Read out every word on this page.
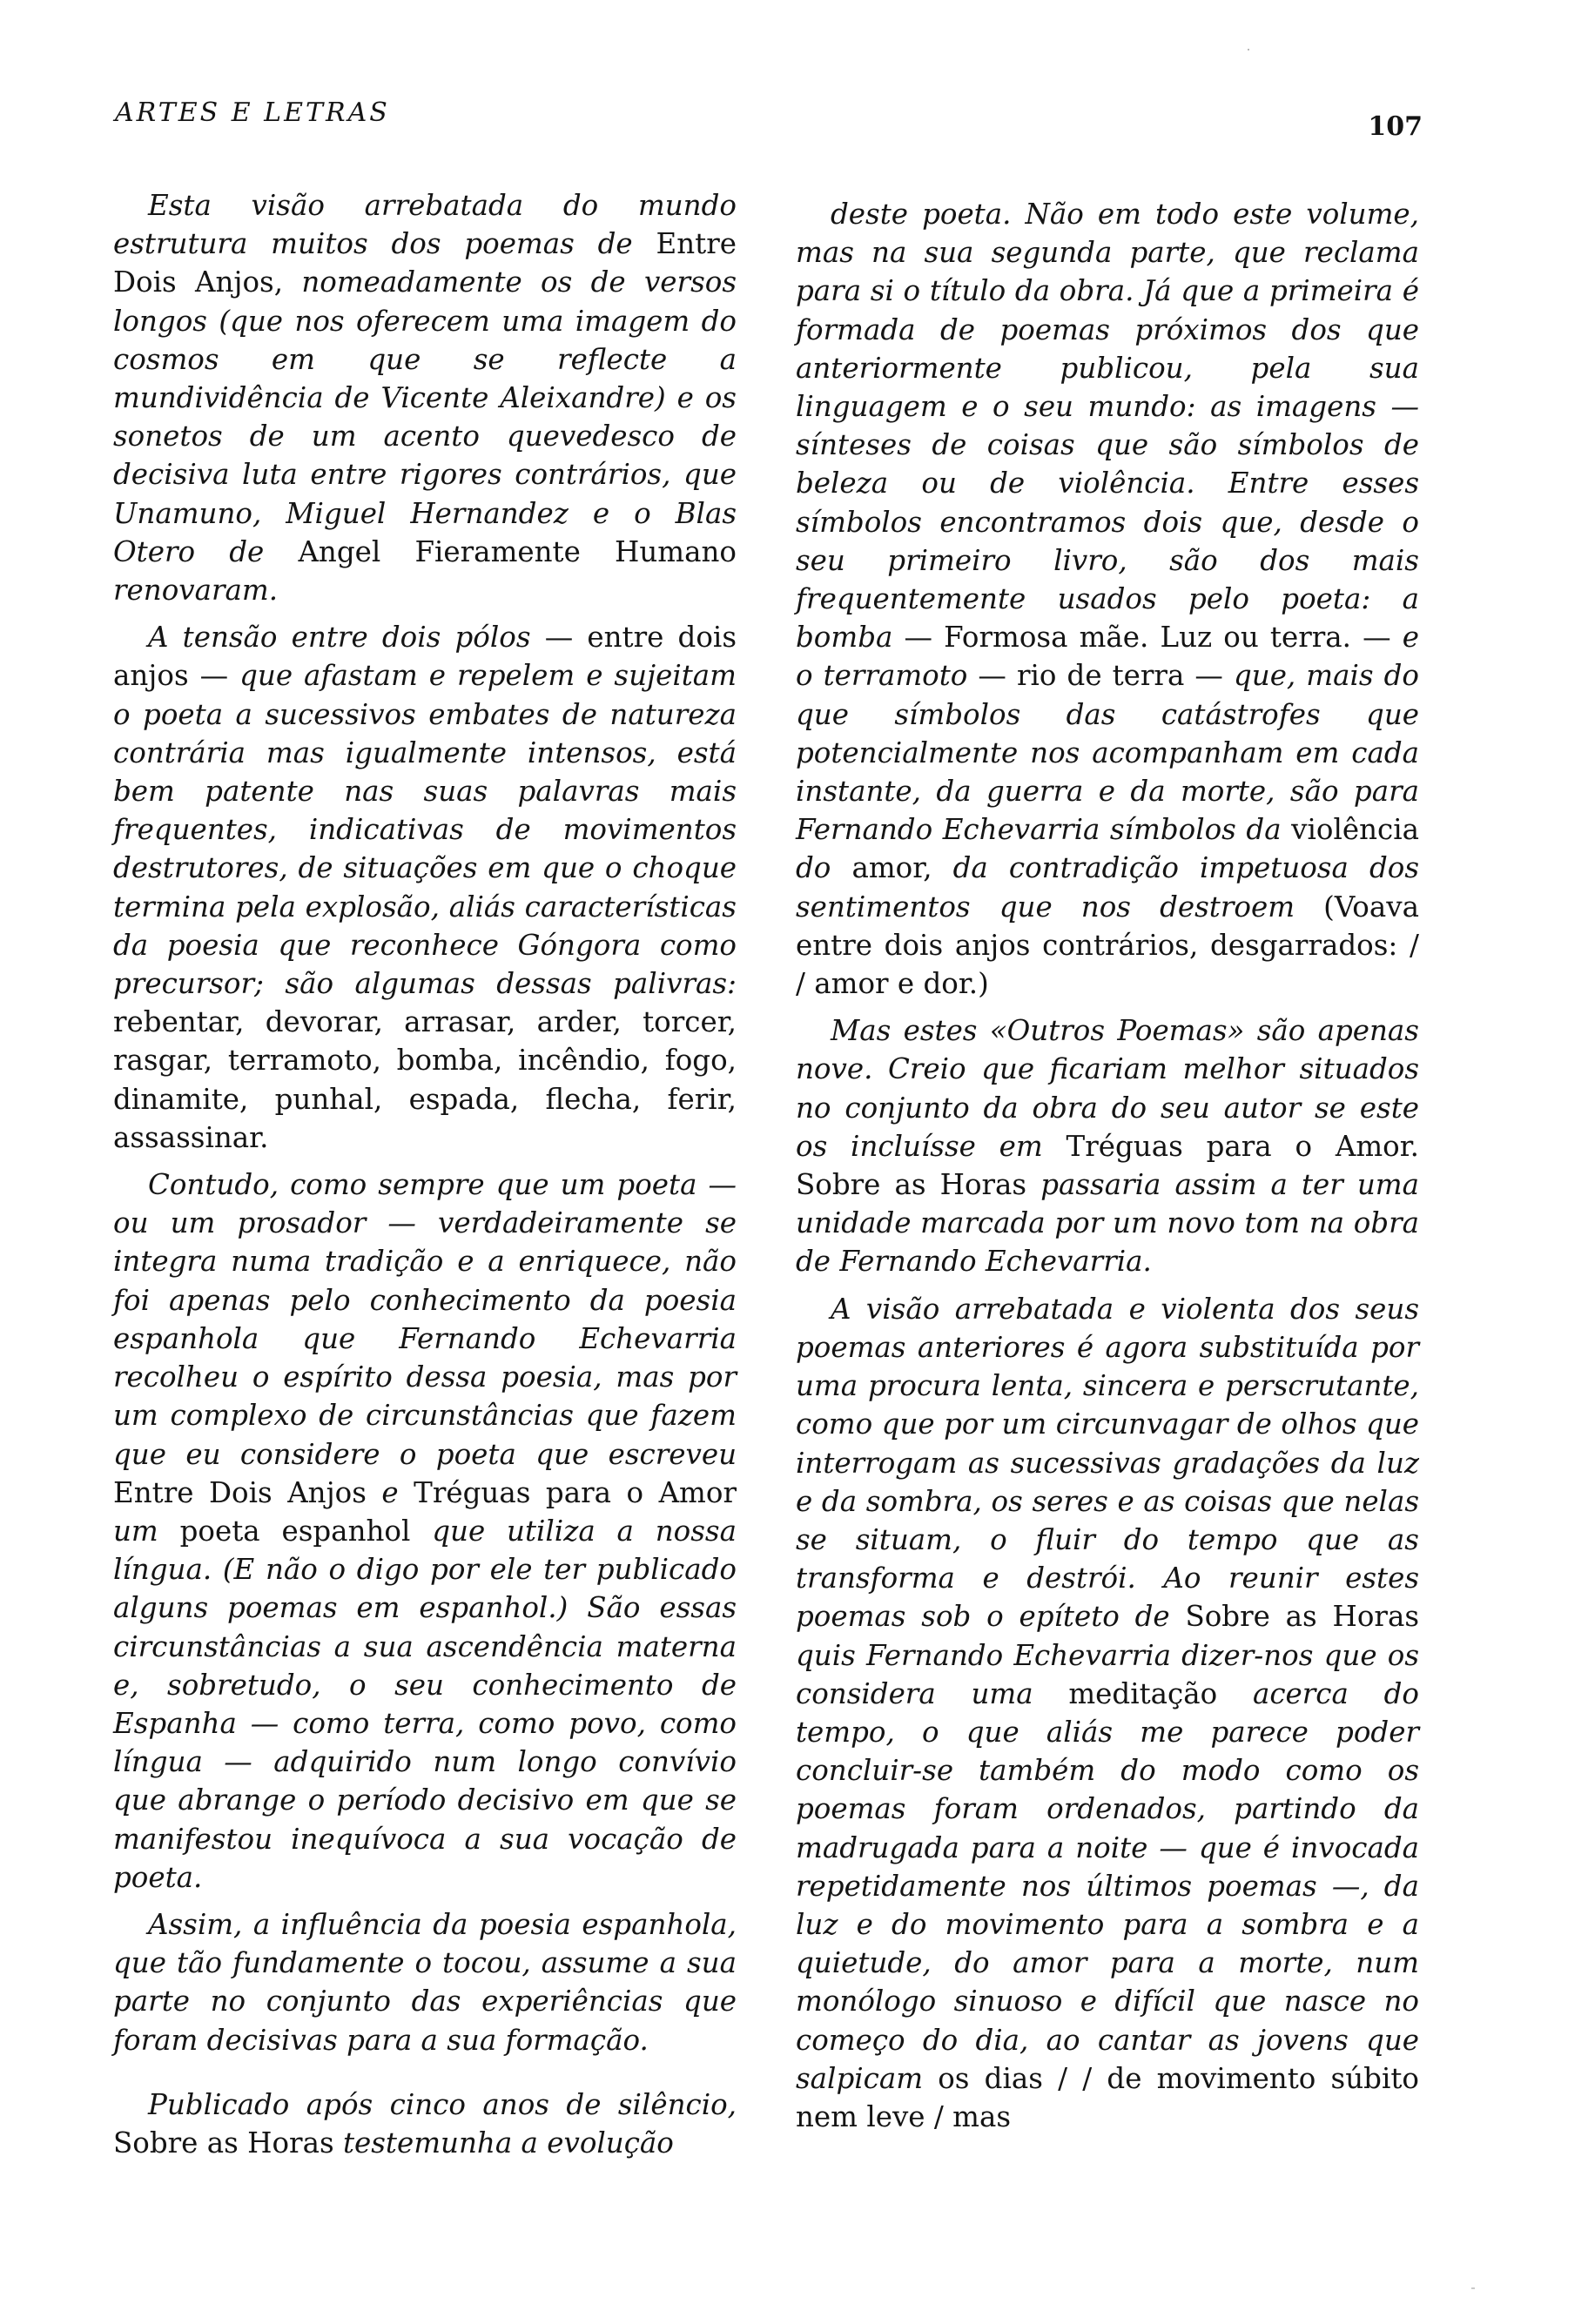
ARTES E LETRAS	107

Esta visão arrebatada do mundo estrutura muitos dos poemas de Entre Dois Anjos, nomeadamente os de versos longos (que nos oferecem uma imagem do cosmos em que se reflecte a mundividência de Vicente Aleixandre) e os sonetos de um acento quevedesco de decisiva luta entre rigores contrários, que Unamuno, Miguel Hernandez e o Blas Otero de Angel Fieramente Humano renovaram.

A tensão entre dois pólos — entre dois anjos — que afastam e repelem e sujeitam o poeta a sucessivos embates de natureza contrária mas igualmente intensos, está bem patente nas suas palavras mais frequentes, indicativas de movimentos destrutores, de situações em que o choque termina pela explosão, aliás características da poesia que reconhece Góngora como precursor; são algumas dessas palivras: rebentar, devorar, arrasar, arder, torcer, rasgar, terramoto, bomba, incêndio, fogo, dinamite, punhal, espada, flecha, ferir, assassinar.

Contudo, como sempre que um poeta — ou um prosador — verdadeiramente se integra numa tradição e a enriquece, não foi apenas pelo conhecimento da poesia espanhola que Fernando Echevarria recolheu o espírito dessa poesia, mas por um complexo de circunstâncias que fazem que eu considere o poeta que escreveu Entre Dois Anjos e Tréguas para o Amor um poeta espanhol que utiliza a nossa língua. (E não o digo por ele ter publicado alguns poemas em espanhol.) São essas circunstâncias a sua ascendência materna e, sobretudo, o seu conhecimento de Espanha — como terra, como povo, como língua — adquirido num longo convívio que abrange o período decisivo em que se manifestou inequívoca a sua vocação de poeta.

Assim, a influência da poesia espanhola, que tão fundamente o tocou, assume a sua parte no conjunto das experiências que foram decisivas para a sua formação.

Publicado após cinco anos de silêncio, Sobre as Horas testemunha a evolução

deste poeta. Não em todo este volume, mas na sua segunda parte, que reclama para si o título da obra. Já que a primeira é formada de poemas próximos dos que anteriormente publicou, pela sua linguagem e o seu mundo: as imagens — sínteses de coisas que são símbolos de beleza ou de violência. Entre esses símbolos encontramos dois que, desde o seu primeiro livro, são dos mais frequentemente usados pelo poeta: a bomba — Formosa mãe. Luz ou terra. — e o terramoto — rio de terra — que, mais do que símbolos das catástrofes que potencialmente nos acompanham em cada instante, da guerra e da morte, são para Fernando Echevarria símbolos da violência do amor, da contradição impetuosa dos sentimentos que nos destroem (Voava entre dois anjos contrários, desgarrados: / / amor e dor.)

Mas estes «Outros Poemas» são apenas nove. Creio que ficariam melhor situados no conjunto da obra do seu autor se este os incluísse em Tréguas para o Amor. Sobre as Horas passaria assim a ter uma unidade marcada por um novo tom na obra de Fernando Echevarria.

A visão arrebatada e violenta dos seus poemas anteriores é agora substituída por uma procura lenta, sincera e perscrutante, como que por um circunvagar de olhos que interrogam as sucessivas gradações da luz e da sombra, os seres e as coisas que nelas se situam, o fluir do tempo que as transforma e destrói. Ao reunir estes poemas sob o epíteto de Sobre as Horas quis Fernando Echevarria dizer-nos que os considera uma meditação acerca do tempo, o que aliás me parece poder concluir-se também do modo como os poemas foram ordenados, partindo da madrugada para a noite — que é invocada repetidamente nos últimos poemas —, da luz e do movimento para a sombra e a quietude, do amor para a morte, num monólogo sinuoso e difícil que nasce no começo do dia, ao cantar as jovens que salpicam os dias / / de movimento súbito nem leve / mas
